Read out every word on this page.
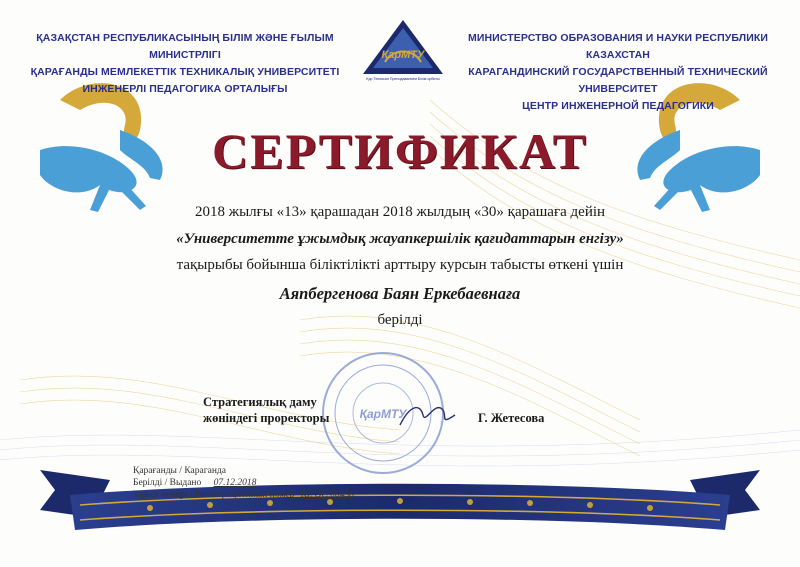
ҚАЗАҚСТАН РЕСПУБЛИКАСЫНЫҢ БІЛІМ ЖӘНЕ ҒЫЛЫМ МИНИСТРЛІГІ
ҚАРАҒАНДЫ МЕМЛЕКЕТТІК ТЕХНИКАЛЫҚ УНИВЕРСИТЕТІ
ИНЖЕНЕРЛІ ПЕДАГОГИКА ОРТАЛЫҒЫ
ҚарМТУ
Қар Техникал Преподаванием Білім орбиты
МИНИСТЕРСТВО ОБРАЗОВАНИЯ И НАУКИ РЕСПУБЛИКИ КАЗАХСТАН
КАРАГАНДИНСКИЙ ГОСУДАРСТВЕННЫЙ ТЕХНИЧЕСКИЙ УНИВЕРСИТЕТ
ЦЕНТР ИНЖЕНЕРНОЙ ПЕДАГОГИКИ
СЕРТИФИКАТ
2018 жылғы «13» қарашадан 2018 жылдың «30» қарашаға дейін
«Университетте ұжымдық жауапкершілік қағидаттарын енгізу»
тақырыбы бойынша біліктілікті арттыру курсын табысты өткені үшін
Аяпбергенова Баян Еркебаевнаға
берілді
ҚарМТУ
Стратегиялық даму
жөніндегі проректоры	Г. Жетесова
Қарағанды / Караганда
Берілді / Выдано 07.12.2018
Тіркеу нөмірі / Регистрационный номер KZ ОС 00458
